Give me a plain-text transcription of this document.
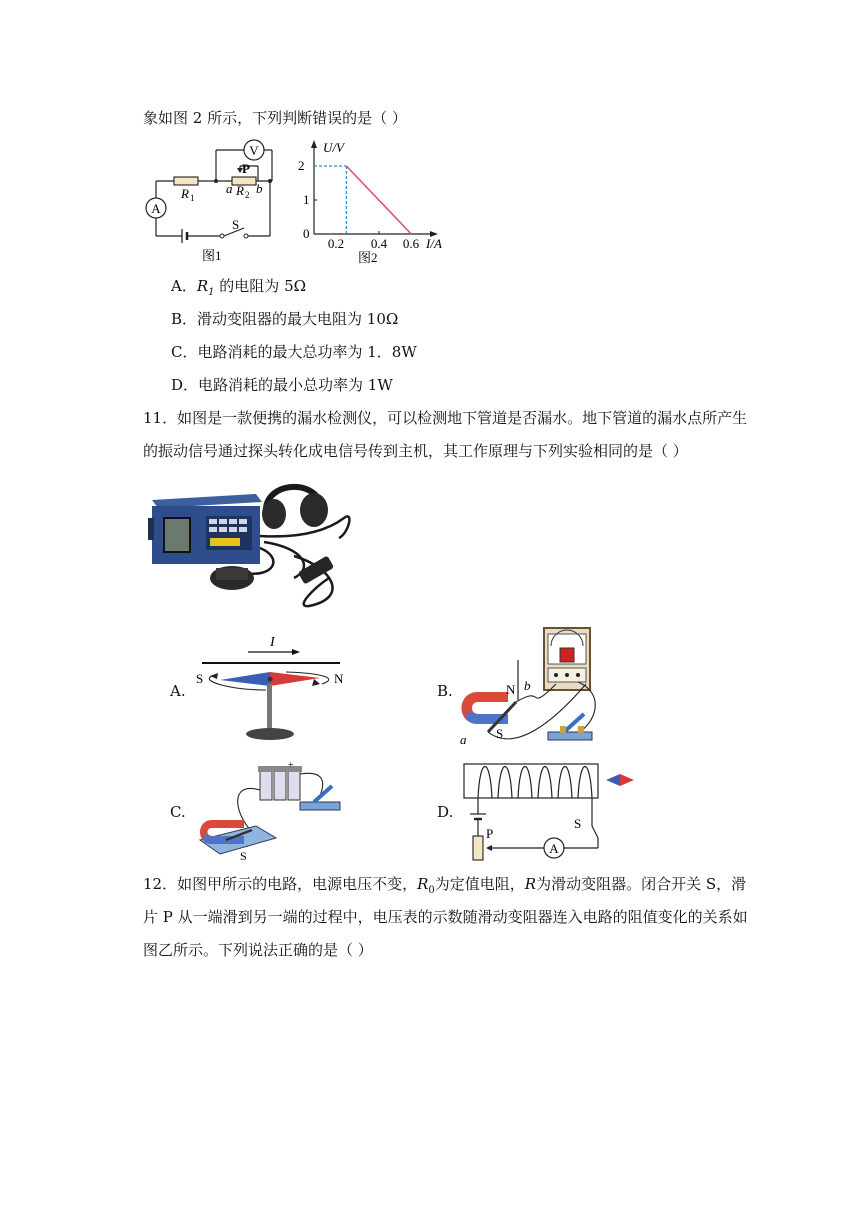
象如图 2 所示，下列判断错误的是（ ）
V
A
P
R 1
a R 2 b
S
图1
U/V
2
1
0
0.2 0.4 0.6 I/A
图2
A．$R_1$ 的电阻为 5Ω
B．滑动变阻器的最大电阻为 10Ω
C．电路消耗的最大总功率为 1．8W
D．电路消耗的最小总功率为 1W
11．如图是一款便携的漏水检测仪，可以检测地下管道是否漏水。地下管道的漏水点所产生
的振动信号通过探头转化成电信号传到主机，其工作原理与下列实验相同的是（ ）
A.
I
S	N
B.	N
S
a
b
C.
+
S
D.
A
P
S
12．如图甲所示的电路，电源电压不变，$R_0$为定值电阻，R为滑动变阻器。闭合开关 S，滑
片 P 从一端滑到另一端的过程中，电压表的示数随滑动变阻器连入电路的阻值变化的关系如
图乙所示。下列说法正确的是（ ）
